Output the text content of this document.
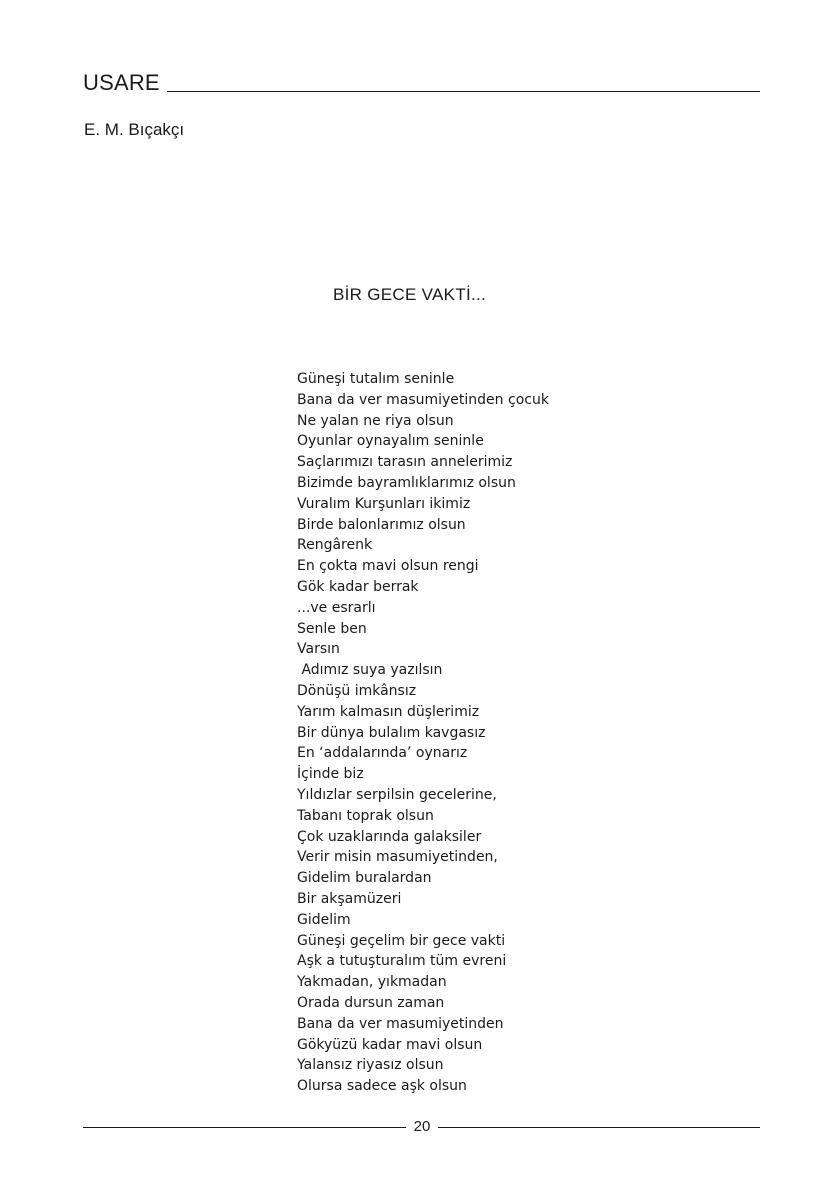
USARE
E. M. Bıçakçı
BİR GECE VAKTİ...
Güneşi tutalım seninle
Bana da ver masumiyetinden çocuk
Ne yalan ne riya olsun
Oyunlar oynayalım seninle
Saçlarımızı tarasın annelerimiz
Bizimde bayramlıklarımız olsun
Vuralım Kurşunları ikimiz
Birde balonlarımız olsun
Rengârenk
En çokta mavi olsun rengi
Gök kadar berrak
...ve esrarlı
Senle ben
Varsın
Adımız suya yazılsın
Dönüşü imkânsız
Yarım kalmasın düşlerimiz
Bir dünya bulalım kavgasız
En ‘addalarında’ oynarız
İçinde biz
Yıldızlar serpilsin gecelerine,
Tabanı toprak olsun
Çok uzaklarında galaksiler
Verir misin masumiyetinden,
Gidelim buralardan
Bir akşamüzeri
Gidelim
Güneşi geçelim bir gece vakti
Aşk a tutuşturalım tüm evreni
Yakmadan, yıkmadan
Orada dursun zaman
Bana da ver masumiyetinden
Gökyüzü kadar mavi olsun
Yalansız riyasız olsun
Olursa sadece aşk olsun
20
